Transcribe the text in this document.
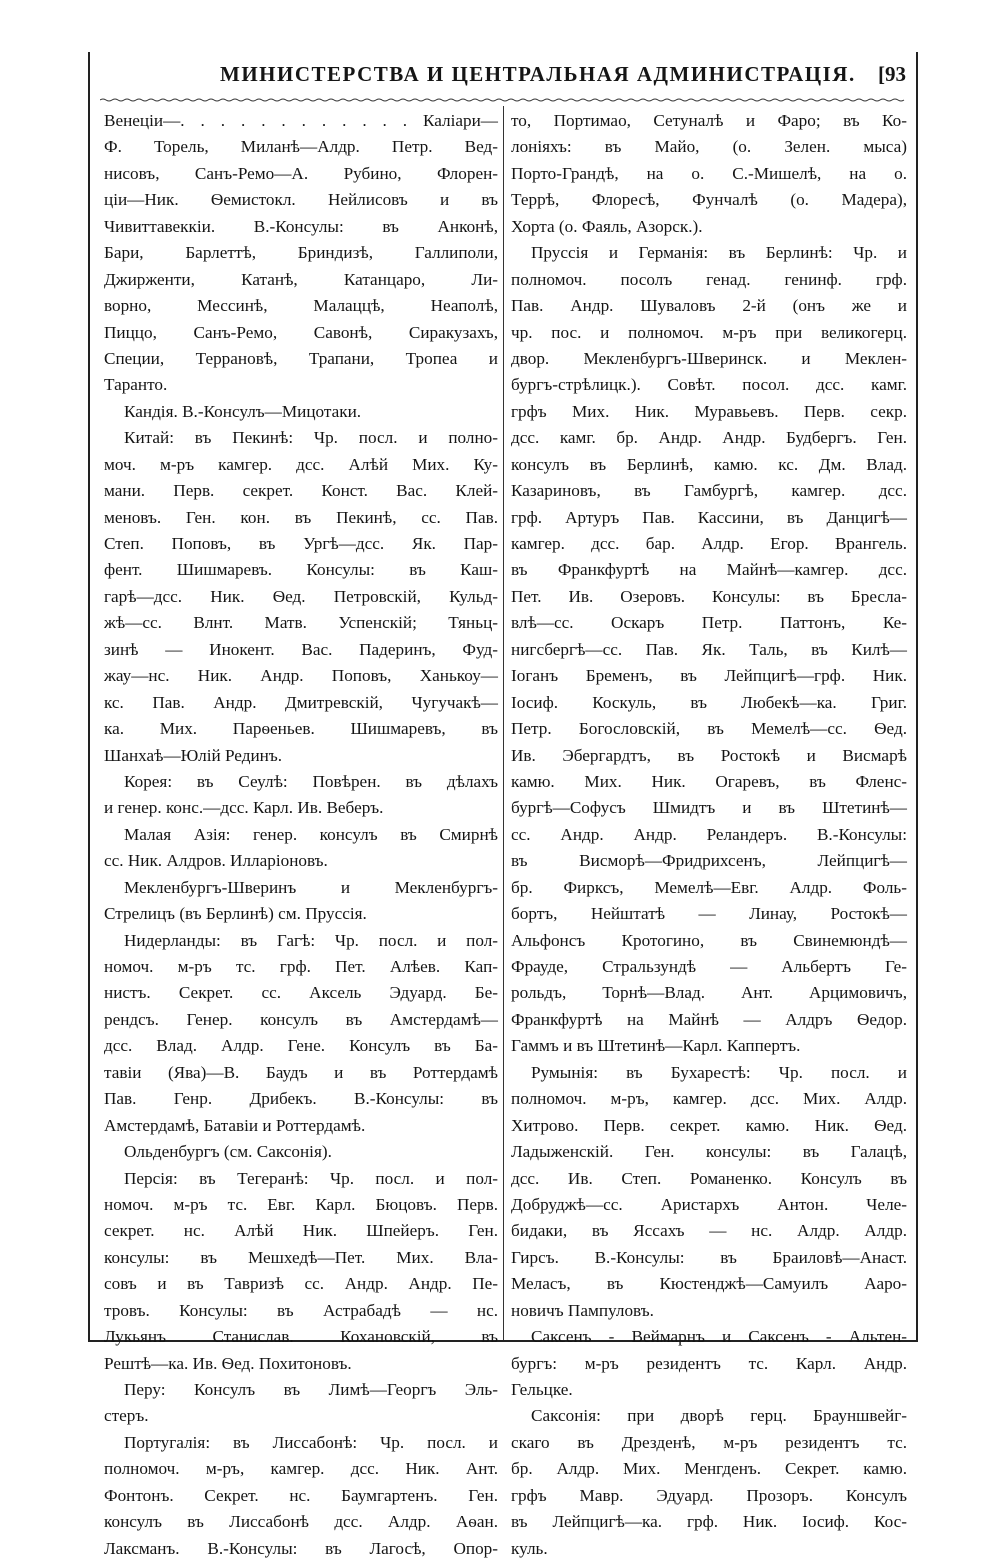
МИНИСТЕРСТВА И ЦЕНТРАЛЬНАЯ АДМИНИСТРАЦІЯ. [93
Венеціи—. . . . . . . . . . . . Каліари—
Ф. Торель, Миланѣ—Алдр. Петр. Вед-
нисовъ, Санъ-Ремо—А. Рубино, Флорен-
ціи—Ник. Ѳемистокл. Нейлисовъ и въ
Чивиттавеккіи. В.-Консулы: въ Анконѣ,
Бари, Барлеттѣ, Бриндизѣ, Галлиполи,
Джирженти, Катанѣ, Катанцаро, Ли-
ворно, Мессинѣ, Малаццѣ, Неаполѣ,
Пиццо, Санъ-Ремо, Савонѣ, Сиракузахъ,
Специи, Террановѣ, Трапани, Тропеа и
Таранто.
Кандія. В.-Консулъ—Мицотаки.
Китай: въ Пекинѣ: Чр. посл. и полно-
моч. м-ръ камгер. дсс. Алѣй Мих. Ку-
мани. Перв. секрет. Конст. Вас. Клей-
меновъ. Ген. кон. въ Пекинѣ, сс. Пав.
Степ. Поповъ, въ Ургѣ—дсс. Як. Пар-
фент. Шишмаревъ. Консулы: въ Каш-
гарѣ—дсс. Ник. Ѳед. Петровскій, Кульд-
жѣ—сс. Влнт. Матв. Успенскій; Тяньц-
зинѣ — Инокент. Вас. Падеринъ, Фуд-
жау—нс. Ник. Андр. Поповъ, Ханькоу—
кс. Пав. Андр. Дмитревскій, Чугучакѣ—
ка. Мих. Парѳеньев. Шишмаревъ, въ
Шанхаѣ—Юлій Рединъ.
Корея: въ Сеулѣ: Повѣрен. въ дѣлахъ
и генер. конс.—дсс. Карл. Ив. Веберъ.
Малая Азія: генер. консулъ въ Смирнѣ
сс. Ник. Алдров. Илларіоновъ.
Мекленбургъ-Шверинъ и Мекленбургъ-
Стрелицъ (въ Берлинѣ) см. Пруссія.
Нидерланды: въ Гагѣ: Чр. посл. и пол-
номоч. м-ръ тс. грф. Пет. Алѣев. Кап-
нистъ. Секрет. сс. Аксель Эдуард. Бе-
рендсъ. Генер. консулъ въ Амстердамѣ—
дсс. Влад. Алдр. Гене. Консулъ въ Ба-
тавіи (Ява)—В. Баудъ и въ Роттердамѣ
Пав. Генр. Дрибекъ. В.-Консулы: въ
Амстердамѣ, Батавіи и Роттердамѣ.
Ольденбургъ (см. Саксонія).
Персія: въ Тегеранѣ: Чр. посл. и пол-
номоч. м-ръ тс. Евг. Карл. Бюцовъ. Перв.
секрет. нс. Алѣй Ник. Шпейеръ. Ген.
консулы: въ Мешхедѣ—Пет. Мих. Вла-
совъ и въ Тавризѣ сс. Андр. Андр. Пе-
тровъ. Консулы: въ Астрабадѣ — нс.
Лукьянъ Станислав. Кохановскій, въ
Рештѣ—ка. Ив. Ѳед. Похитоновъ.
Перу: Консулъ въ Лимѣ—Георгъ Эль-
стеръ.
Португалія: въ Лиссабонѣ: Чр. посл. и
полномоч. м-ръ, камгер. дсс. Ник. Ант.
Фонтонъ. Секрет. нс. Баумгартенъ. Ген.
консулъ въ Лиссабонѣ дсс. Алдр. Аѳан.
Лаксманъ. В.-Консулы: въ Лагосѣ, Опор-
то, Портимао, Сетуналѣ и Фаро; въ Ко-
лоніяхъ: въ Майо, (о. Зелен. мыса)
Порто-Грандѣ, на о. С.-Мишелѣ, на о.
Террѣ, Флоресѣ, Фунчалѣ (о. Мадера),
Хорта (о. Фаяль, Азорск.).
Пруссія и Германія: въ Берлинѣ: Чр. и
полномоч. посолъ генад. генинф. грф.
Пав. Андр. Шуваловъ 2-й (онъ же и
чр. пос. и полномоч. м-ръ при великогерц.
двор. Мекленбургъ-Шверинск. и Меклен-
бургъ-стрѣлицк.). Совѣт. посол. дсс. камг.
грфъ Мих. Ник. Муравьевъ. Перв. секр.
дсс. камг. бр. Андр. Андр. Будбергъ. Ген.
консулъ въ Берлинѣ, камю. кс. Дм. Влад.
Казариновъ, въ Гамбургѣ, камгер. дсс.
грф. Артуръ Пав. Кассини, въ Данцигѣ—
камгер. дсс. бар. Алдр. Егор. Врангель.
въ Франкфуртѣ на Майнѣ—камгер. дсс.
Пет. Ив. Озеровъ. Консулы: въ Бресла-
влѣ—сс. Оскаръ Петр. Паттонъ, Ке-
нигсбергѣ—сс. Пав. Як. Таль, въ Килѣ—
Іоганъ Бременъ, въ Лейпцигѣ—грф. Ник.
Іосиф. Коскуль, въ Любекѣ—ка. Григ.
Петр. Богословскій, въ Мемелѣ—сс. Ѳед.
Ив. Эбергардтъ, въ Ростокѣ и Висмарѣ
камю. Мих. Ник. Огаревъ, въ Фленс-
бургѣ—Софусъ Шмидтъ и въ Штетинѣ—
сс. Андр. Андр. Реландеръ. В.-Консулы:
въ Висморѣ—Фридрихсенъ, Лейпцигѣ—
бр. Фирксъ, Мемелѣ—Евг. Алдр. Фоль-
бортъ, Нейштатѣ — Линау, Ростокѣ—
Альфонсъ Кротогино, въ Свинемюндѣ—
Фрауде, Стральзундѣ — Альбертъ Ге-
рольдъ, Торнѣ—Влад. Ант. Арцимовичъ,
Франкфуртѣ на Майнѣ — Алдръ Ѳедор.
Гаммъ и въ Штетинѣ—Карл. Каппертъ.
Румынія: въ Бухарестѣ: Чр. посл. и
полномоч. м-ръ, камгер. дсс. Мих. Алдр.
Хитрово. Перв. секрет. камю. Ник. Ѳед.
Ладыженскій. Ген. консулы: въ Галацѣ,
дсс. Ив. Степ. Романенко. Консулъ въ
Добруджѣ—сс. Аристархъ Антон. Челе-
бидаки, въ Яссахъ — нс. Алдр. Алдр.
Гирсъ. В.-Консулы: въ Браиловѣ—Анаст.
Меласъ, въ Кюстенджѣ—Самуилъ Ааро-
новичъ Пампуловъ.
Саксенъ - Веймарнъ и Саксенъ - Альтен-
бургъ: м-ръ резидентъ тс. Карл. Андр.
Гельцке.
Саксонія: при дворѣ герц. Брауншвейг-
скаго въ Дрезденѣ, м-ръ резидентъ тс.
бр. Алдр. Мих. Менгденъ. Секрет. камю.
грфъ Мавр. Эдуард. Прозоръ. Консулъ
въ Лейпцигѣ—ка. грф. Ник. Іосиф. Кос-
куль.
